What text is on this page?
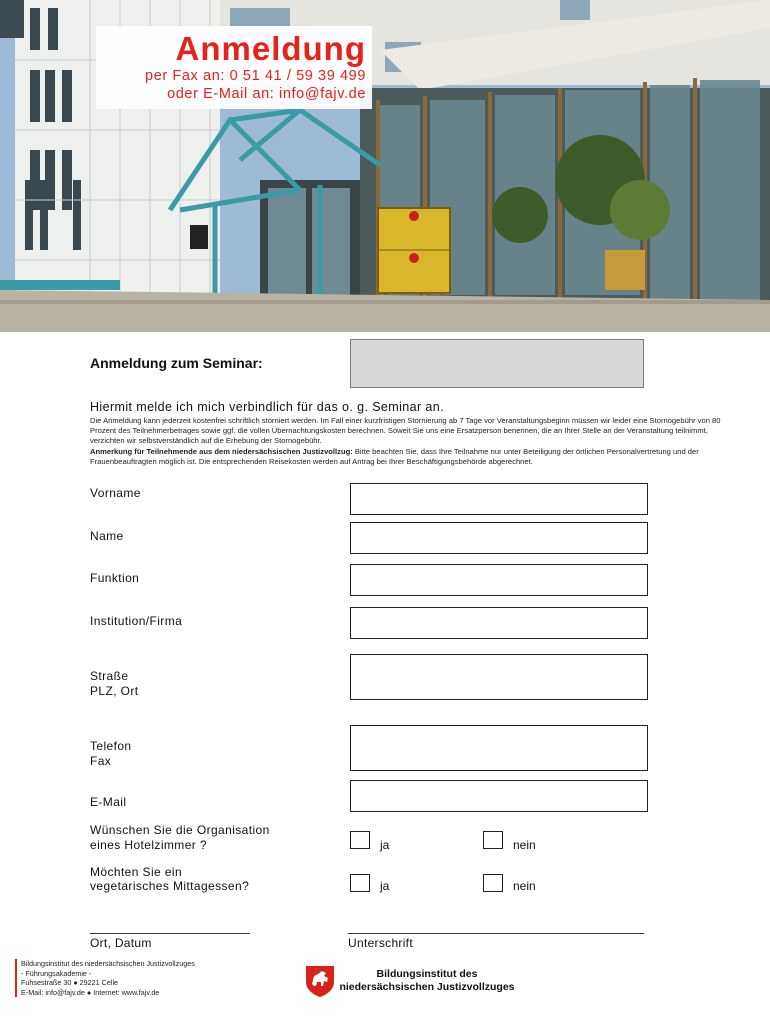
Anmeldung
per Fax an: 0 51 41 / 59 39 499
oder E-Mail an: info@fajv.de
Anmeldung zum Seminar:
Hiermit melde ich mich verbindlich für das o. g. Seminar an.
Die Anmeldung kann jederzeit kostenfrei schriftlich storniert werden. Im Fall einer kurzfristigen Stornierung ab 7 Tage vor Veranstaltungsbeginn müssen wir leider eine Stornogebühr von 80 Prozent des Teilnehmerbetrages sowie ggf. die vollen Übernachtungskosten berechnen. Soweit Sie uns eine Ersatzperson benennen, die an Ihrer Stelle an der Veranstaltung teilnimmt, verzichten wir selbstverständlich auf die Erhebung der Stornogebühr.
Anmerkung für Teilnehmende aus dem niedersächsischen Justizvollzug: Bitte beachten Sie, dass Ihre Teilnahme nur unter Beteiligung der örtlichen Personalvertretung und der Frauenbeauftragten möglich ist. Die entsprechenden Reisekosten werden auf Antrag bei Ihrer Beschäftigungsbehörde abgerechnet.
Vorname
Name
Funktion
Institution/Firma
Straße
PLZ, Ort
Telefon
Fax
E-Mail
Wünschen Sie die Organisation
eines Hotelzimmer ?	ja	nein
Möchten Sie ein
vegetarisches Mittagessen?	ja	nein
Ort, Datum	Unterschrift
Bildungsinstitut des niedersächsischen Justizvollzuges
- Führungsakademie -
Fuhsestraße 30 ● 29221 Celle
E-Mail: info@fajv.de ● Internet: www.fajv.de
Bildungsinstitut des
niedersächsischen Justizvollzuges
